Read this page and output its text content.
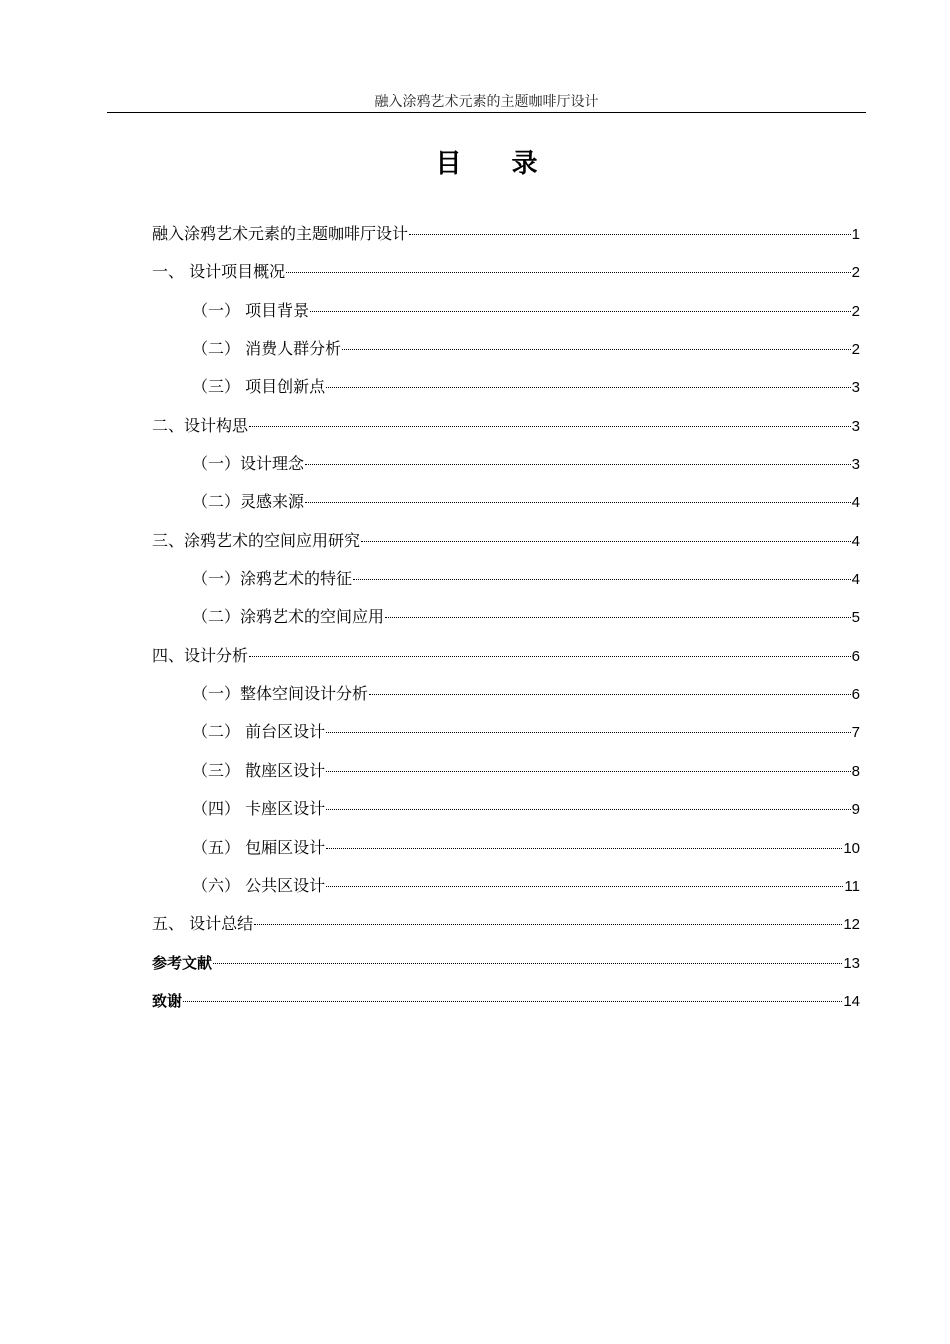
融入涂鸦艺术元素的主题咖啡厅设计
目录
融入涂鸦艺术元素的主题咖啡厅设计	1
一、 设计项目概况	2
（一） 项目背景	2
（二） 消费人群分析	2
（三） 项目创新点	3
二、设计构思	3
（一）设计理念	3
（二）灵感来源	4
三、涂鸦艺术的空间应用研究	4
（一）涂鸦艺术的特征	4
（二）涂鸦艺术的空间应用	5
四、设计分析	6
（一）整体空间设计分析	6
（二） 前台区设计	7
（三） 散座区设计	8
（四） 卡座区设计	9
（五） 包厢区设计	10
（六） 公共区设计	11
五、 设计总结	12
参考文献	13
致谢	14
